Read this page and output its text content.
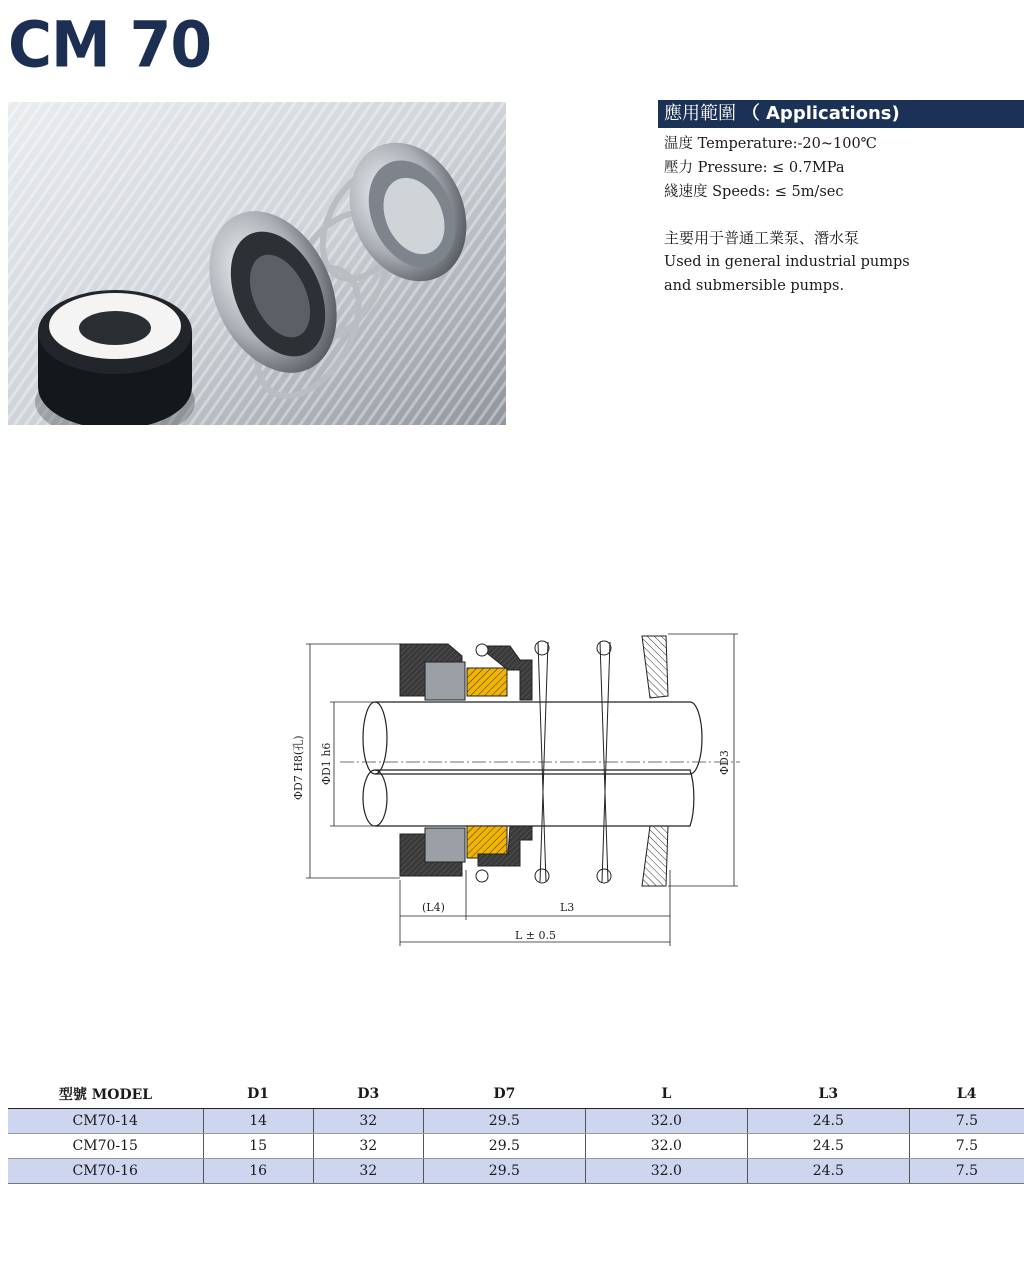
CM 70
應用範圍 （ Applications)

温度 Temperature:-20~100℃

壓力 Pressure: ≤ 0.7MPa

綫速度 Speeds: ≤ 5m/sec

主要用于普通工業泵、潛水泵

Used in general industrial pumps

and submersible pumps.

ΦD7 H8(孔) ΦD1 h6	ΦD3
(L4)	L3
L ± 0.5
型號 MODEL	D1	D3	D7	L	L3	L4
CM70-14	14	32	29.5	32.0	24.5	7.5
CM70-15	15	32	29.5	32.0	24.5	7.5
CM70-16	16	32	29.5	32.0	24.5	7.5
